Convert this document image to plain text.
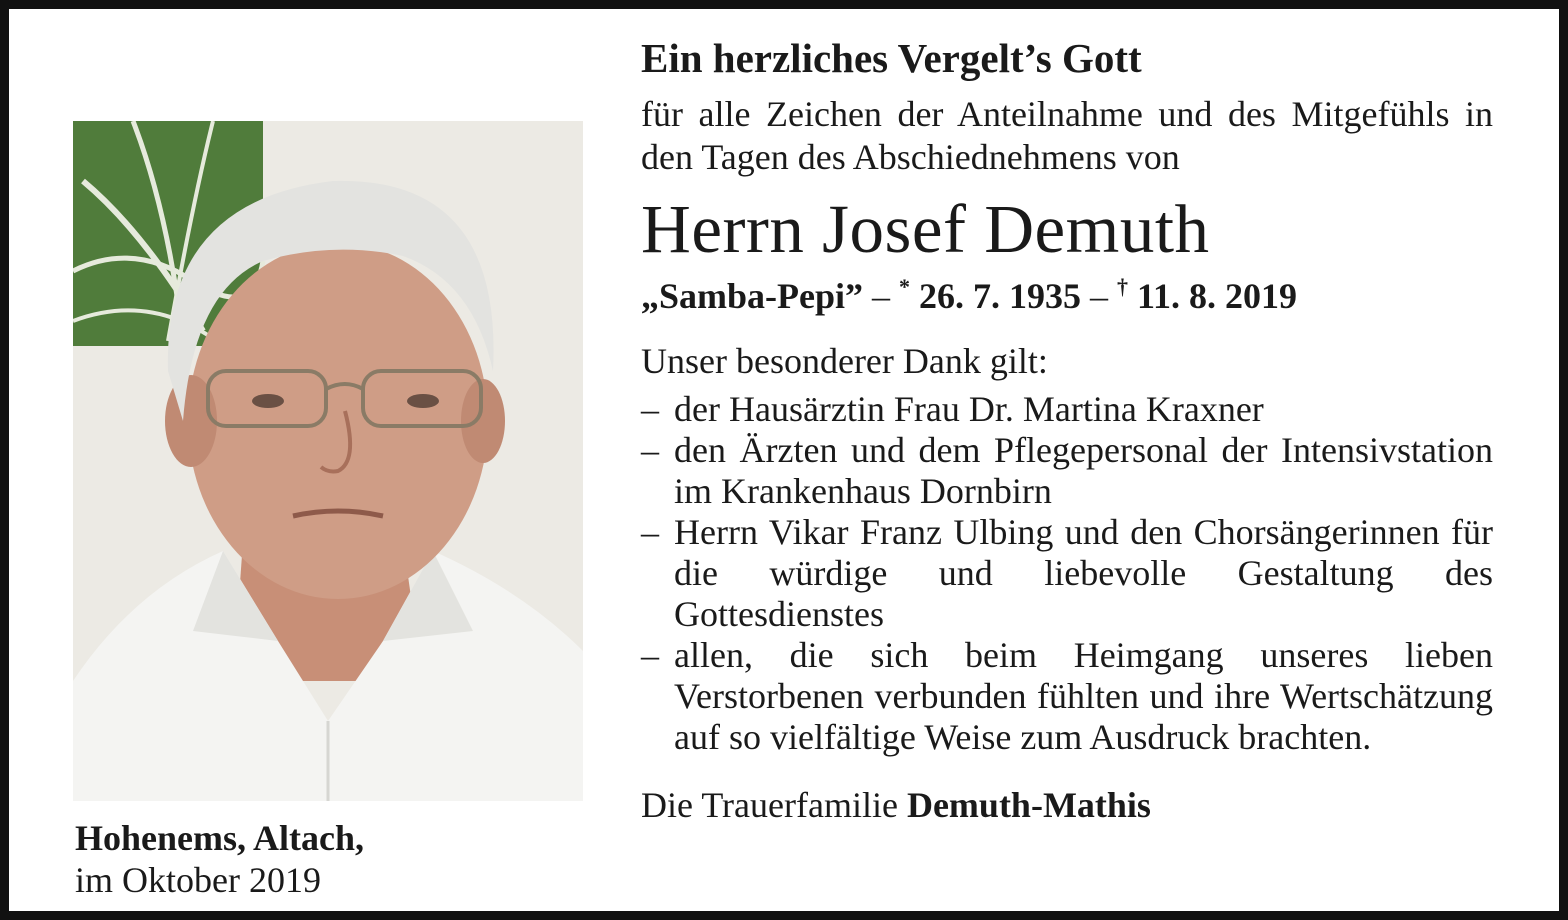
Hohenems, Altach,
im Oktober 2019
Ein herzliches Vergelt’s Gott

für alle Zeichen der Anteilnahme und des Mitgefühls in den Tagen des Abschiednehmens von

Herrn Josef Demuth
„Samba-Pepi” – * 26. 7. 1935 – † 11. 8. 2019
Unser besonderer Dank gilt:
– der Hausärztin Frau Dr. Martina Kraxner
– den Ärzten und dem Pflegepersonal der Intensivstation im Krankenhaus Dornbirn
– Herrn Vikar Franz Ulbing und den Chorsängerinnen für die würdige und liebevolle Gestaltung des Gottesdienstes
– allen, die sich beim Heimgang unseres lieben Verstorbenen verbunden fühlten und ihre Wertschätzung auf so vielfältige Weise zum Ausdruck brachten.
Die Trauerfamilie Demuth-Mathis
